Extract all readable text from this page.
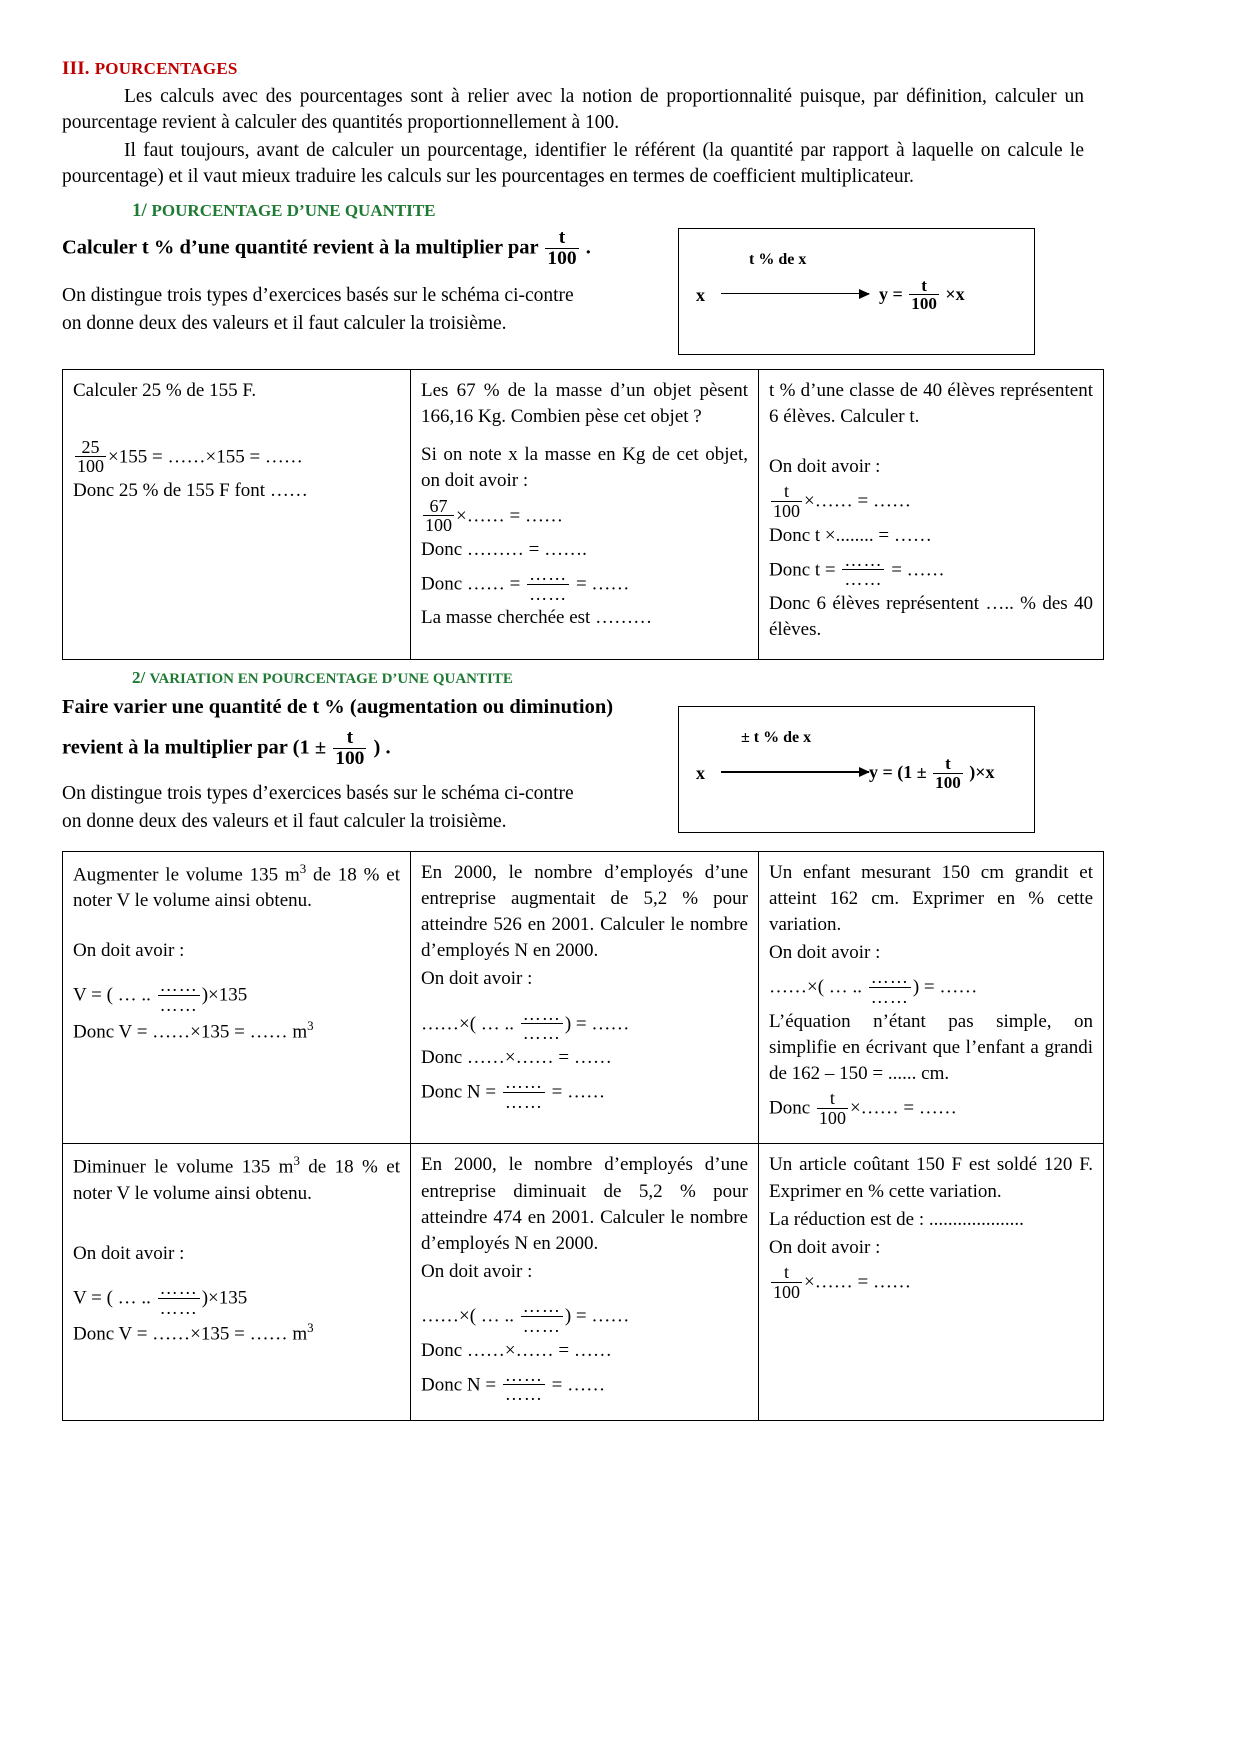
III. POURCENTAGES

Les calculs avec des pourcentages sont à relier avec la notion de proportionnalité puisque, par définition, calculer un pourcentage revient à calculer des quantités proportionnellement à 100.

Il faut toujours, avant de calculer un pourcentage, identifier le référent (la quantité par rapport à laquelle on calcule le pourcentage) et il vaut mieux traduire les calculs sur les pourcentages en termes de coefficient multiplicateur.

1/ POURCENTAGE D’UNE QUANTITE

Calculer t % d’une quantité revient à la multiplier par $\frac{t}{100}$ .

On distingue trois types d’exercices basés sur le schéma ci-contre

on donne deux des valeurs et il faut calculer la troisième.

x
t % de x
$y = \frac{t}{100} \times x$
Calculer 25 % de 155 F.
$\frac{25}{100} \times 155$ = ……×155 = ……
Donc 25 % de 155 F font ……

Les 67 % de la masse d’un objet pèsent 166,16 Kg. Combien pèse cet objet ?
Si on note x la masse en Kg de cet objet, on doit avoir :
$\frac{67}{100}$ ×…… = ……
Donc ……… = …….
Donc …… = $\frac{\dots\dots}{\dots\dots}$ = ……
La masse cherchée est ………

t % d’une classe de 40 élèves représentent 6 élèves. Calculer t.
On doit avoir :
$\frac{t}{100}$ ×…… = ……
Donc t ×........ = ……
Donc $t = \frac{\dots\dots}{\dots\dots}$ = ……
Donc 6 élèves représentent ….. % des 40 élèves.
2/ VARIATION EN POURCENTAGE D’UNE QUANTITE

Faire varier une quantité de t % (augmentation ou diminution)

revient à la multiplier par ($1 \pm \frac{t}{100}$ ) .

On distingue trois types d’exercices basés sur le schéma ci-contre

on donne deux des valeurs et il faut calculer la troisième.

x
± t % de x
$y = (1 \pm \frac{t}{100} )\times x$
Augmenter le volume 135 $m^3$ de 18 % et noter V le volume ainsi obtenu.
On doit avoir :
V = ( … .. $\frac{\dots\dots}{\dots\dots} )\times 135$
Donc V = ……×135 = …… $m^3$

En 2000, le nombre d’employés d’une entreprise augmentait de 5,2 % pour atteindre 526 en 2001. Calculer le nombre d’employés N en 2000.
On doit avoir :
……×( … .. $\frac{\dots\dots}{\dots\dots}$ ) = ……
Donc ……×…… = ……
Donc $N = \frac{\dots\dots}{\dots\dots}$ = ……

Un enfant mesurant 150 cm grandit et atteint 162 cm. Exprimer en % cette variation.
On doit avoir :
……×( … .. $\frac{\dots\dots}{\dots\dots}$ ) = ……
L’équation n’étant pas simple, on simplifie en écrivant que l’enfant a grandi de 162 – 150 = ...... cm.
Donc $\frac{t}{100}$ ×…… = ……

Diminuer le volume 135 $m^3$ de 18 % et noter V le volume ainsi obtenu.
On doit avoir :
V = ( … .. $\frac{\dots\dots}{\dots\dots} )\times 135$
Donc V = ……×135 = …… $m^3$

En 2000, le nombre d’employés d’une entreprise diminuait de 5,2 % pour atteindre 474 en 2001. Calculer le nombre d’employés N en 2000.
On doit avoir :
……×( … .. $\frac{\dots\dots}{\dots\dots}$ ) = ……
Donc ……×…… = ……
Donc $N = \frac{\dots\dots}{\dots\dots}$ = ……

Un article coûtant 150 F est soldé 120 F. Exprimer en % cette variation.
La réduction est de : ....................
On doit avoir :
$\frac{t}{100}$ ×…… = ……
